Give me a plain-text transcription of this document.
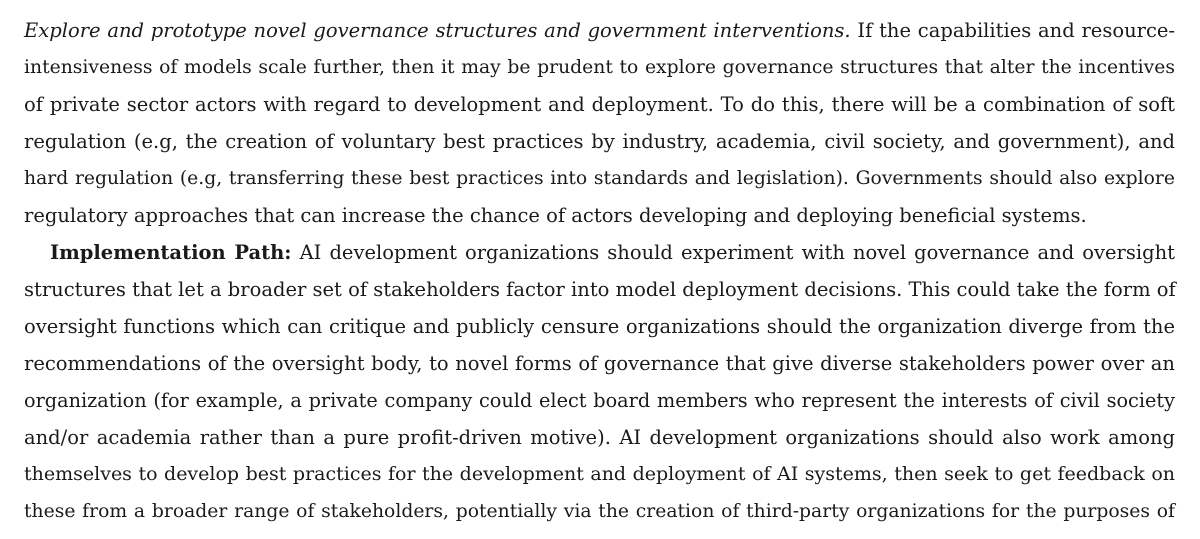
Explore and prototype novel governance structures and government interventions. If the capabilities and resource-
intensiveness of models scale further, then it may be prudent to explore governance structures that alter the incentives
of private sector actors with regard to development and deployment. To do this, there will be a combination of soft
regulation (e.g, the creation of voluntary best practices by industry, academia, civil society, and government), and
hard regulation (e.g, transferring these best practices into standards and legislation). Governments should also explore
regulatory approaches that can increase the chance of actors developing and deploying beneficial systems.
Implementation Path: AI development organizations should experiment with novel governance and oversight
structures that let a broader set of stakeholders factor into model deployment decisions. This could take the form of
oversight functions which can critique and publicly censure organizations should the organization diverge from the
recommendations of the oversight body, to novel forms of governance that give diverse stakeholders power over an
organization (for example, a private company could elect board members who represent the interests of civil society
and/or academia rather than a pure profit-driven motive). AI development organizations should also work among
themselves to develop best practices for the development and deployment of AI systems, then seek to get feedback on
these from a broader range of stakeholders, potentially via the creation of third-party organizations for the purposes of
